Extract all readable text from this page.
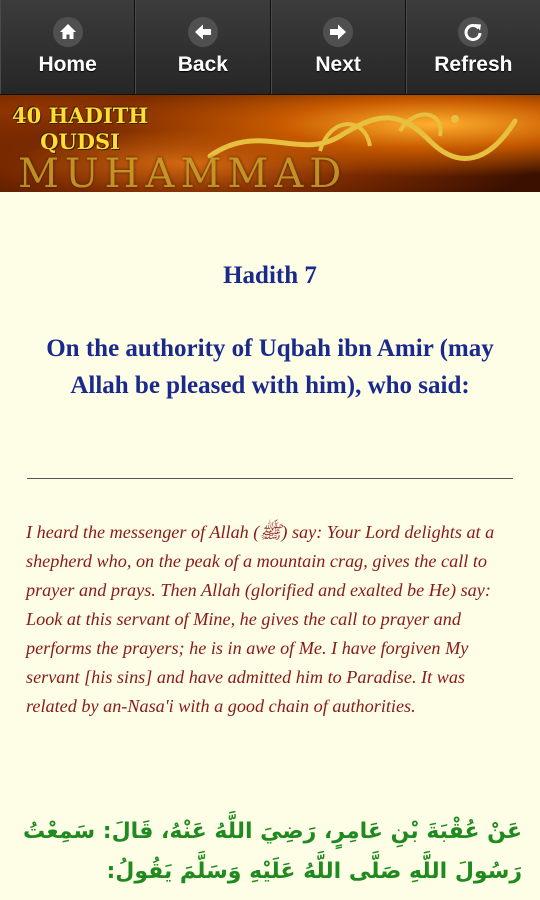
Home	Back	Next	Refresh
40 HADITH
QUDSI
MUHAMMAD
Hadith 7
On the authority of Uqbah ibn Amir (may Allah be pleased with him), who said:
I heard the messenger of Allah (ﷺ) say: Your Lord delights at a shepherd who, on the peak of a mountain crag, gives the call to prayer and prays. Then Allah (glorified and exalted be He) say: Look at this servant of Mine, he gives the call to prayer and performs the prayers; he is in awe of Me. I have forgiven My servant [his sins] and have admitted him to Paradise. It was related by an-Nasa'i with a good chain of authorities.
عَنْ عُقْبَةَ بْنِ عَامِرٍ، رَضِيَ اللَّهُ عَنْهُ، قَالَ: سَمِعْتُ رَسُولَ اللَّهِ صَلَّى اللَّهُ عَلَيْهِ وَسَلَّمَ يَقُولُ:
